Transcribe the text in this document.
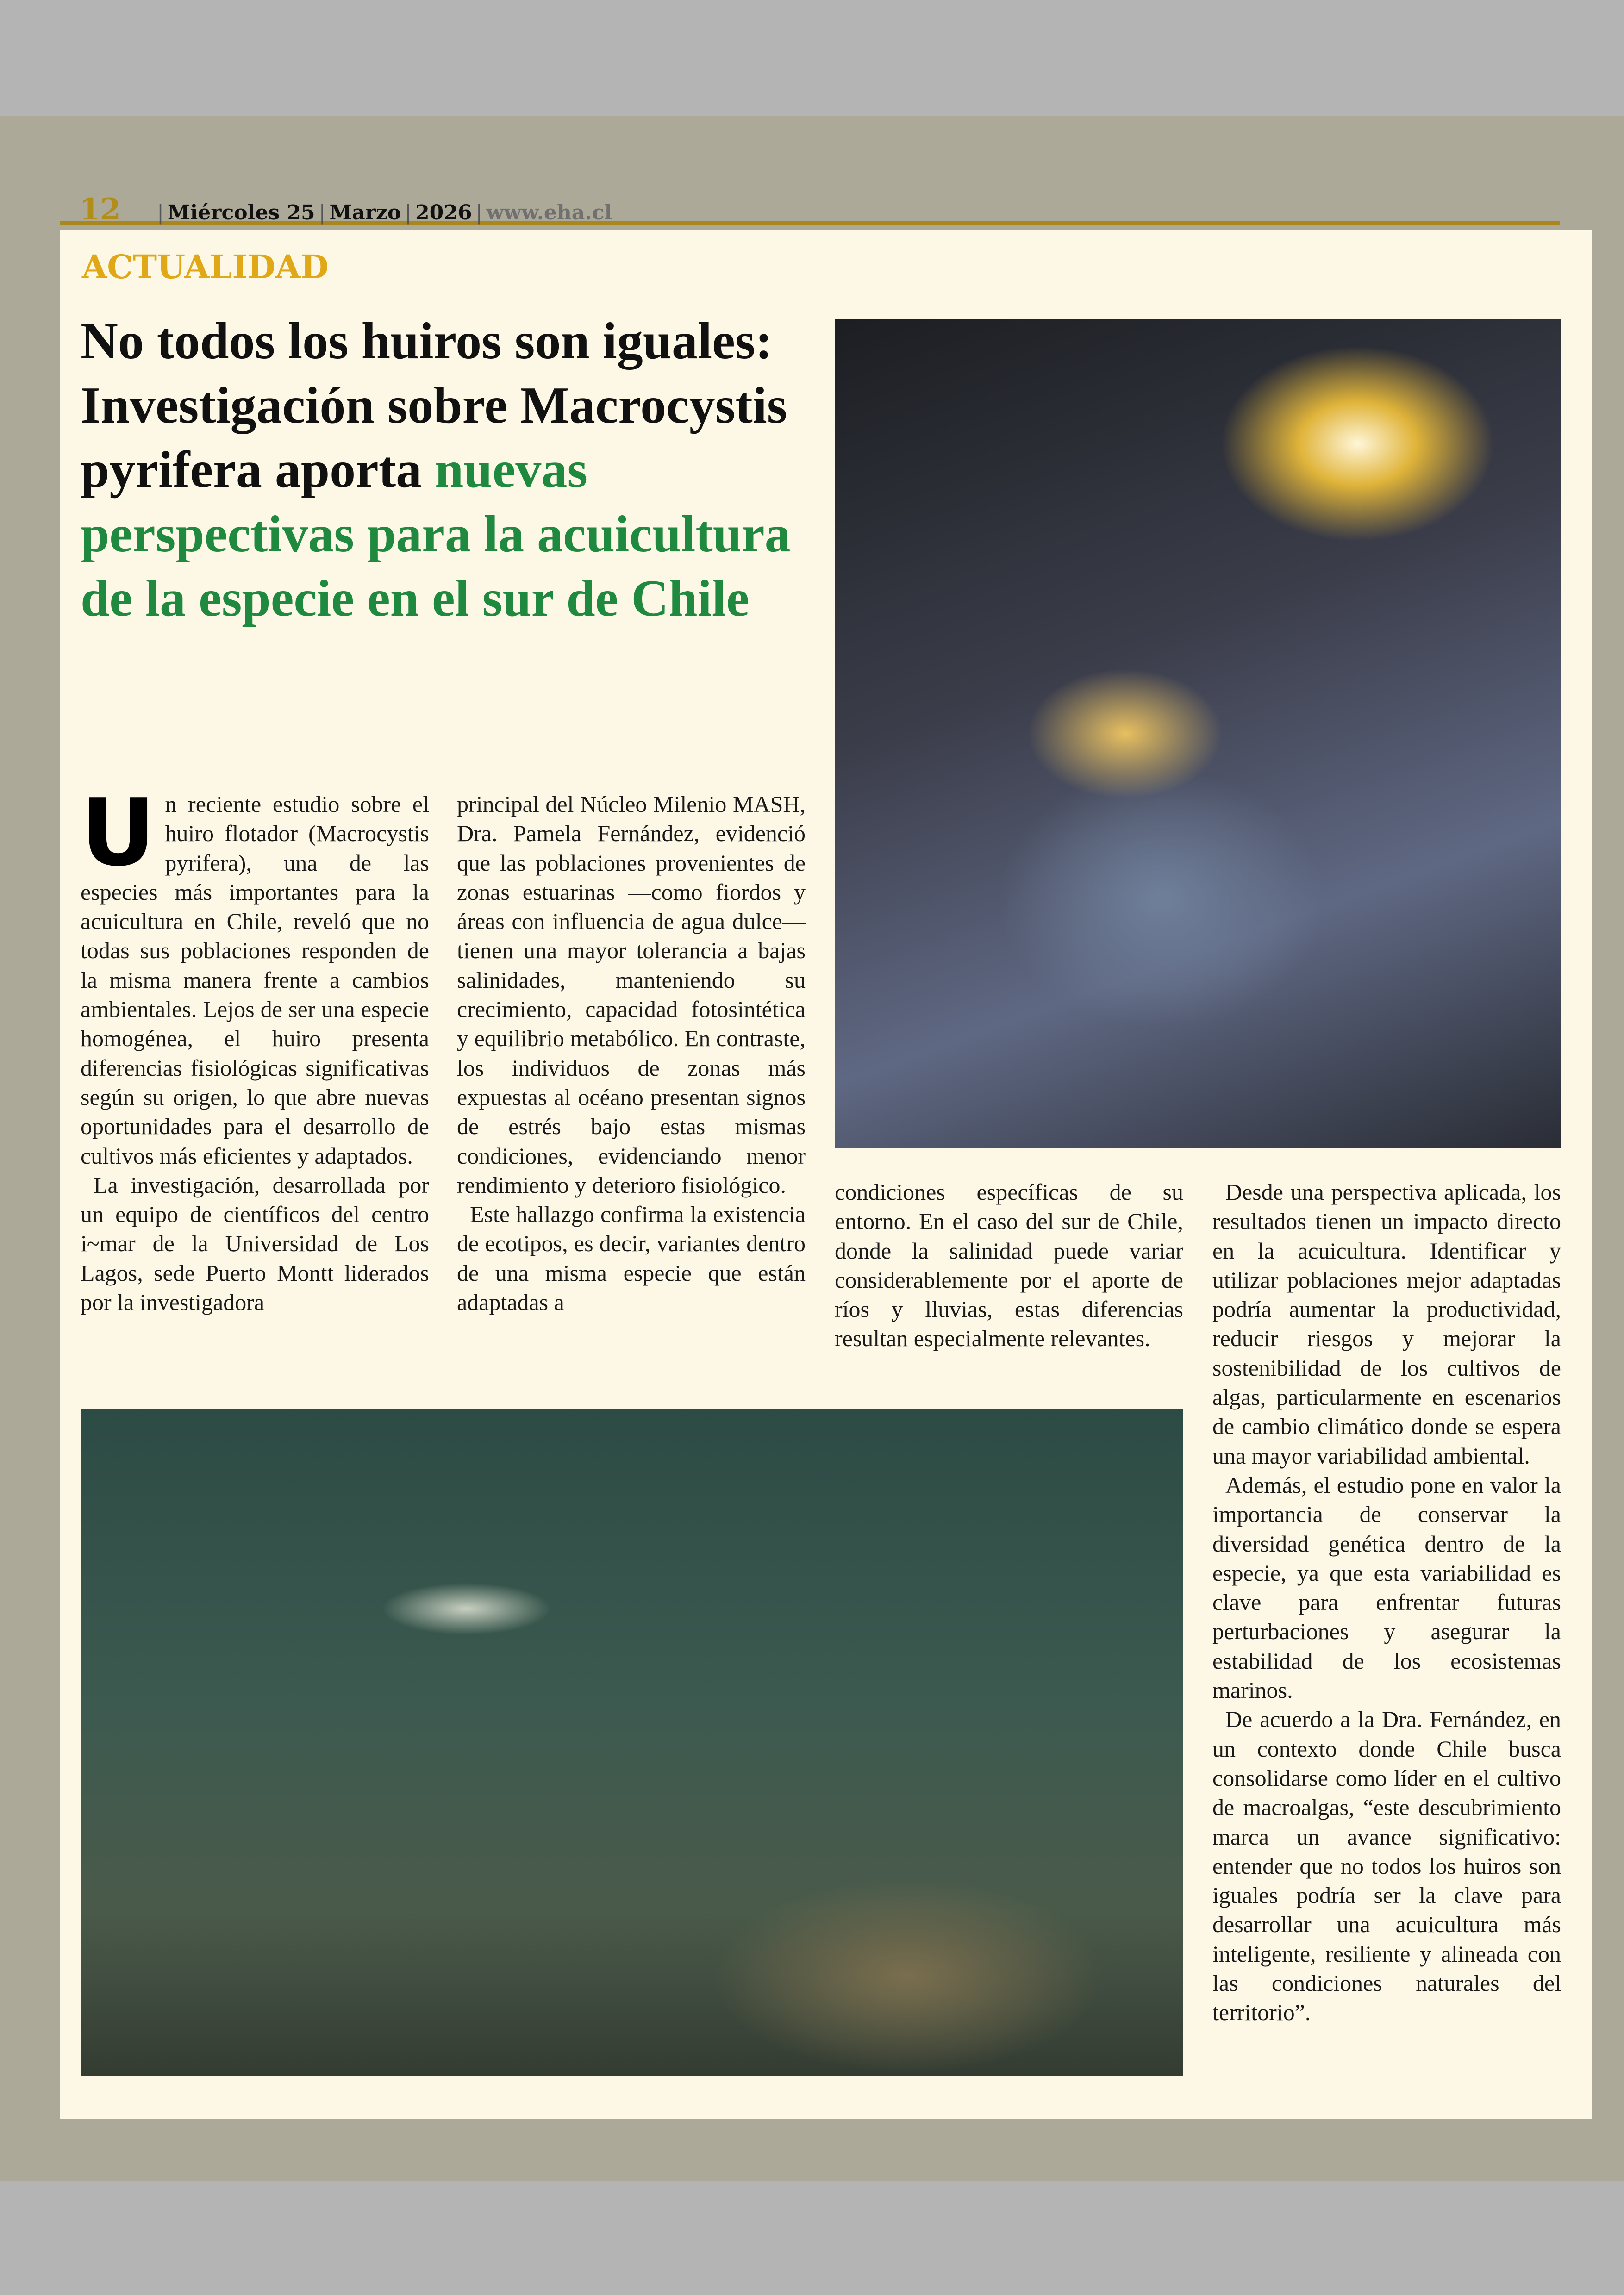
12 | Miércoles 25 | Marzo | 2026 | www.eha.cl
ACTUALIDAD
No todos los huiros son iguales: Investigación sobre Macrocystis pyrifera aporta nuevas perspectivas para la acuicultura de la especie en el sur de Chile

Un reciente estudio sobre el huiro flotador (Macrocystis pyrifera), una de las especies más importantes para la acuicultura en Chile, reveló que no todas sus poblaciones responden de la misma manera frente a cambios ambientales. Lejos de ser una especie homogénea, el huiro presenta diferencias fisiológicas significativas según su origen, lo que abre nuevas oportunidades para el desarrollo de cultivos más eficientes y adaptados.

La investigación, desarrollada por un equipo de científicos del centro i~mar de la Universidad de Los Lagos, sede Puerto Montt liderados por la investigadora

principal del Núcleo Milenio MASH, Dra. Pamela Fernández, evidenció que las poblaciones provenientes de zonas estuarinas —como fiordos y áreas con influencia de agua dulce— tienen una mayor tolerancia a bajas salinidades, manteniendo su crecimiento, capacidad fotosintética y equilibrio metabólico. En contraste, los individuos de zonas más expuestas al océano presentan signos de estrés bajo estas mismas condiciones, evidenciando menor rendimiento y deterioro fisiológico.

Este hallazgo confirma la existencia de ecotipos, es decir, variantes dentro de una misma especie que están adaptadas a

condiciones específicas de su entorno. En el caso del sur de Chile, donde la salinidad puede variar considerablemente por el aporte de ríos y lluvias, estas diferencias resultan especialmente relevantes.

Desde una perspectiva aplicada, los resultados tienen un impacto directo en la acuicultura. Identificar y utilizar poblaciones mejor adaptadas podría aumentar la productividad, reducir riesgos y mejorar la sostenibilidad de los cultivos de algas, particularmente en escenarios de cambio climático donde se espera una mayor variabilidad ambiental.

Además, el estudio pone en valor la importancia de conservar la diversidad genética dentro de la especie, ya que esta variabilidad es clave para enfrentar futuras perturbaciones y asegurar la estabilidad de los ecosistemas marinos.

De acuerdo a la Dra. Fernández, en un contexto donde Chile busca consolidarse como líder en el cultivo de macroalgas, “este descubrimiento marca un avance significativo: entender que no todos los huiros son iguales podría ser la clave para desarrollar una acuicultura más inteligente, resiliente y alineada con las condiciones naturales del territorio”.
